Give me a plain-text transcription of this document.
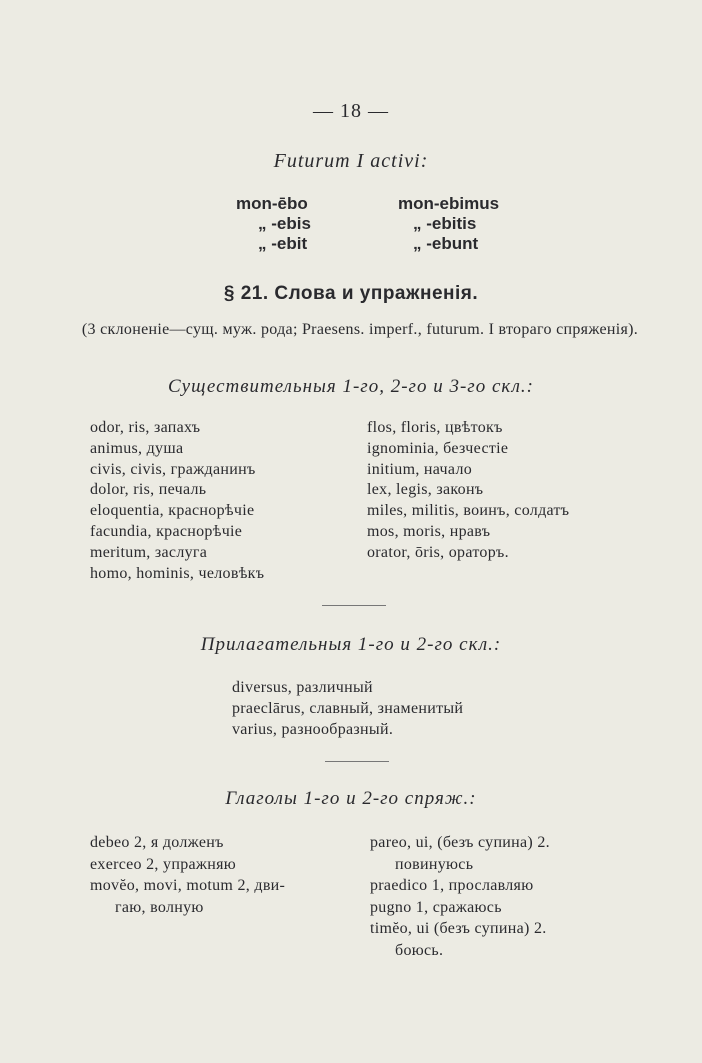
— 18 —
Futurum I activi:
mon-ēbo
„ -ebis
„ -ebit
mon-ebimus
„ -ebitis
„ -ebunt
§ 21. Слова и упражненія.
(3 склоненіе—сущ. муж. рода; Praesens. imperf., futurum. I втораго спряженія).
Существительныя 1-го, 2-го и 3-го скл.:
odor, ris, запахъ
animus, душа
civis, civis, гражданинъ
dolor, ris, печаль
eloquentia, краснорѣчіе
facundia, краснорѣчіе
meritum, заслуга
homo, hominis, человѣкъ
flos, floris, цвѣтокъ
ignominia, безчестіе
initium, начало
lex, legis, законъ
miles, militis, воинъ, солдатъ
mos, moris, нравъ
orator, ōris, ораторъ.
Прилагательныя 1-го и 2-го скл.:
diversus, различный
praeclārus, славный, знаменитый
varius, разнообразный.
Глаголы 1-го и 2-го спряж.:
debeo 2, я долженъ
exerceo 2, упражняю
movĕo, movi, motum 2, дви-
гаю, волную
pareo, ui, (безъ супина) 2.
повинуюсь
praedico 1, прославляю
pugno 1, сражаюсь
timĕo, ui (безъ супина) 2.
боюсь.
